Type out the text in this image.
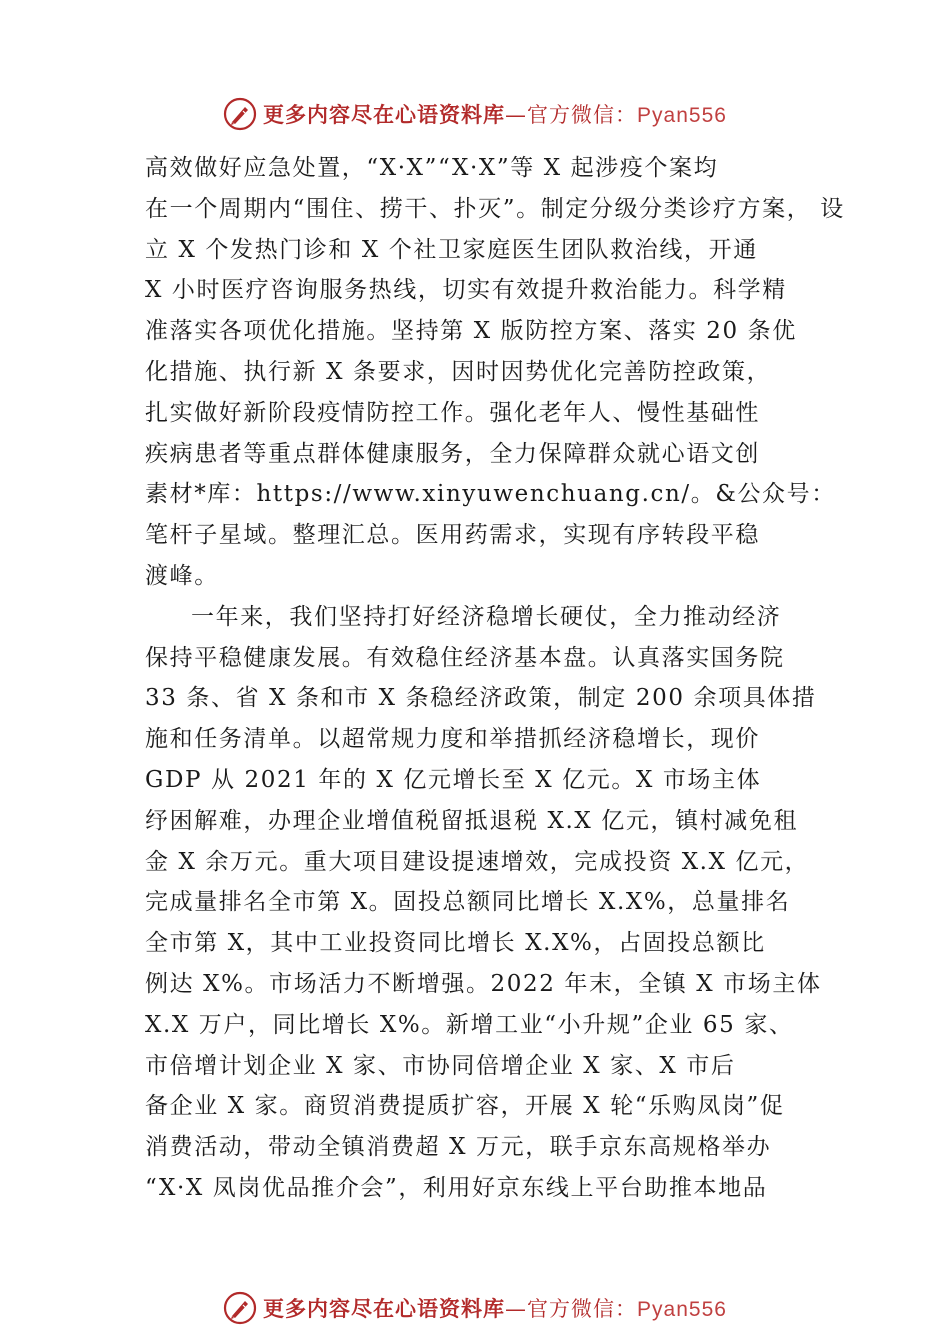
更多内容尽在心语资料库—官方微信：Pyan556
高效做好应急处置，“X·X”“X·X”等 X 起涉疫个案均
在一个周期内“围住、捞干、扑灭”。制定分级分类诊疗方案， 设
立 X 个发热门诊和 X 个社卫家庭医生团队救治线，开通
X 小时医疗咨询服务热线，切实有效提升救治能力。科学精
准落实各项优化措施。坚持第 X 版防控方案、落实 20 条优
化措施、执行新 X 条要求，因时因势优化完善防控政策，
扎实做好新阶段疫情防控工作。强化老年人、慢性基础性
疾病患者等重点群体健康服务，全力保障群众就心语文创
素材*库：https://www.xinyuwenchuang.cn/。&公众号：
笔杆子星域。整理汇总。医用药需求，实现有序转段平稳
渡峰。
一年来，我们坚持打好经济稳增长硬仗，全力推动经济
保持平稳健康发展。有效稳住经济基本盘。认真落实国务院
33 条、省 X 条和市 X 条稳经济政策，制定 200 余项具体措
施和任务清单。以超常规力度和举措抓经济稳增长，现价
GDP 从 2021 年的 X 亿元增长至 X 亿元。X 市场主体
纾困解难，办理企业增值税留抵退税 X.X 亿元，镇村减免租
金 X 余万元。重大项目建设提速增效，完成投资 X.X 亿元，
完成量排名全市第 X。固投总额同比增长 X.X%，总量排名
全市第 X，其中工业投资同比增长 X.X%，占固投总额比
例达 X%。市场活力不断增强。2022 年末，全镇 X 市场主体
X.X 万户，同比增长 X%。新增工业“小升规”企业 65 家、
市倍增计划企业 X 家、市协同倍增企业 X 家、X 市后
备企业 X 家。商贸消费提质扩容，开展 X 轮“乐购凤岗”促
消费活动，带动全镇消费超 X 万元，联手京东高规格举办
“X·X 凤岗优品推介会”，利用好京东线上平台助推本地品
更多内容尽在心语资料库—官方微信：Pyan556
